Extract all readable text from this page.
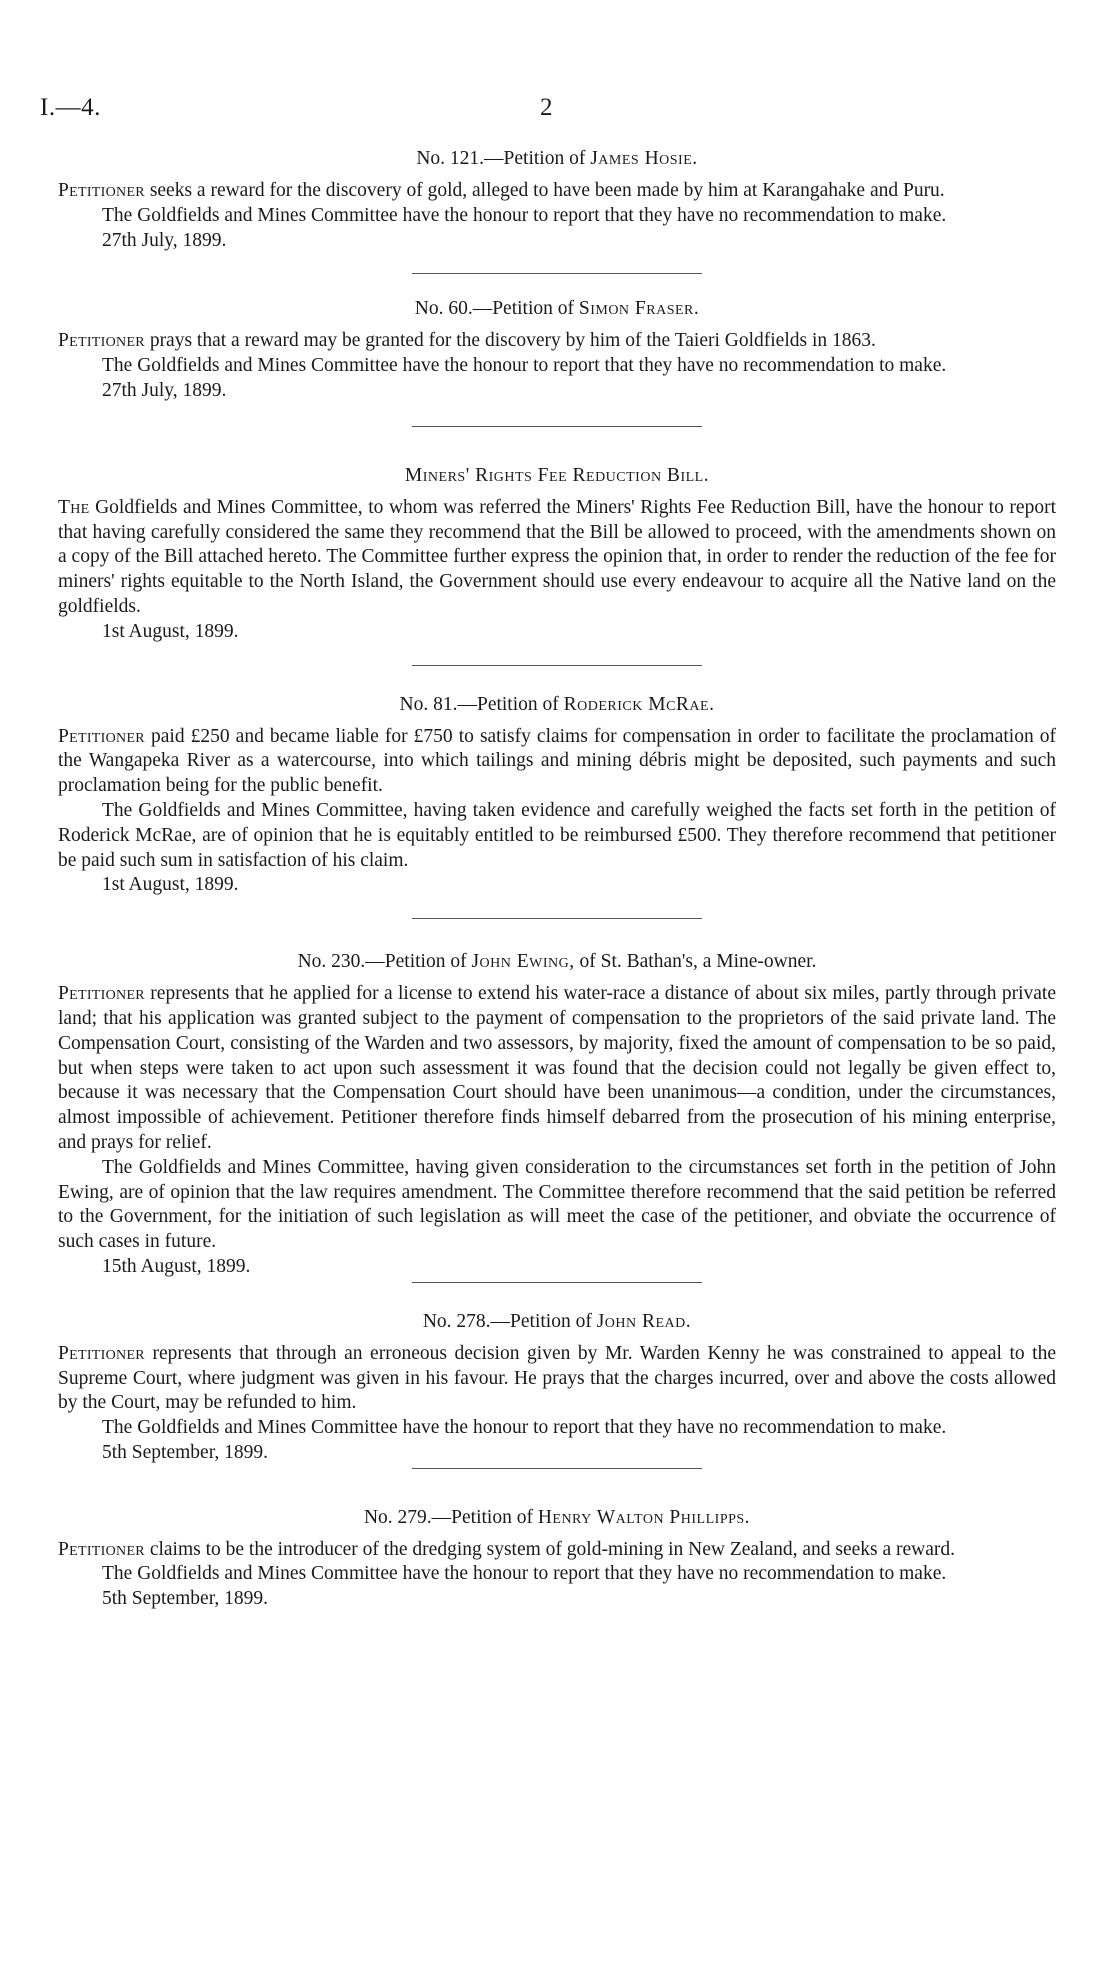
I.—4.	2

No. 121.—Petition of James Hosie.

Petitioner seeks a reward for the discovery of gold, alleged to have been made by him at Karangahake and Puru.

The Goldfields and Mines Committee have the honour to report that they have no recommendation to make.

27th July, 1899.

No. 60.—Petition of Simon Fraser.

Petitioner prays that a reward may be granted for the discovery by him of the Taieri Goldfields in 1863.

The Goldfields and Mines Committee have the honour to report that they have no recommendation to make.

27th July, 1899.

Miners' Rights Fee Reduction Bill.

The Goldfields and Mines Committee, to whom was referred the Miners' Rights Fee Reduction Bill, have the honour to report that having carefully considered the same they recommend that the Bill be allowed to proceed, with the amendments shown on a copy of the Bill attached hereto. The Committee further express the opinion that, in order to render the reduction of the fee for miners' rights equitable to the North Island, the Government should use every endeavour to acquire all the Native land on the goldfields.

1st August, 1899.

No. 81.—Petition of Roderick McRae.

Petitioner paid £250 and became liable for £750 to satisfy claims for compensation in order to facilitate the proclamation of the Wangapeka River as a watercourse, into which tailings and mining débris might be deposited, such payments and such proclamation being for the public benefit.

The Goldfields and Mines Committee, having taken evidence and carefully weighed the facts set forth in the petition of Roderick McRae, are of opinion that he is equitably entitled to be reimbursed £500. They therefore recommend that petitioner be paid such sum in satisfaction of his claim.

1st August, 1899.

No. 230.—Petition of John Ewing, of St. Bathan's, a Mine-owner.

Petitioner represents that he applied for a license to extend his water-race a distance of about six miles, partly through private land; that his application was granted subject to the payment of compensation to the proprietors of the said private land. The Compensation Court, consisting of the Warden and two assessors, by majority, fixed the amount of compensation to be so paid, but when steps were taken to act upon such assessment it was found that the decision could not legally be given effect to, because it was necessary that the Compensation Court should have been unanimous—a condition, under the circumstances, almost impossible of achievement. Petitioner therefore finds himself debarred from the prosecution of his mining enterprise, and prays for relief.

The Goldfields and Mines Committee, having given consideration to the circumstances set forth in the petition of John Ewing, are of opinion that the law requires amendment. The Committee therefore recommend that the said petition be referred to the Government, for the initiation of such legislation as will meet the case of the petitioner, and obviate the occurrence of such cases in future.

15th August, 1899.

No. 278.—Petition of John Read.

Petitioner represents that through an erroneous decision given by Mr. Warden Kenny he was constrained to appeal to the Supreme Court, where judgment was given in his favour. He prays that the charges incurred, over and above the costs allowed by the Court, may be refunded to him.

The Goldfields and Mines Committee have the honour to report that they have no recommendation to make.

5th September, 1899.

No. 279.—Petition of Henry Walton Phillipps.

Petitioner claims to be the introducer of the dredging system of gold-mining in New Zealand, and seeks a reward.

The Goldfields and Mines Committee have the honour to report that they have no recommendation to make.

5th September, 1899.
